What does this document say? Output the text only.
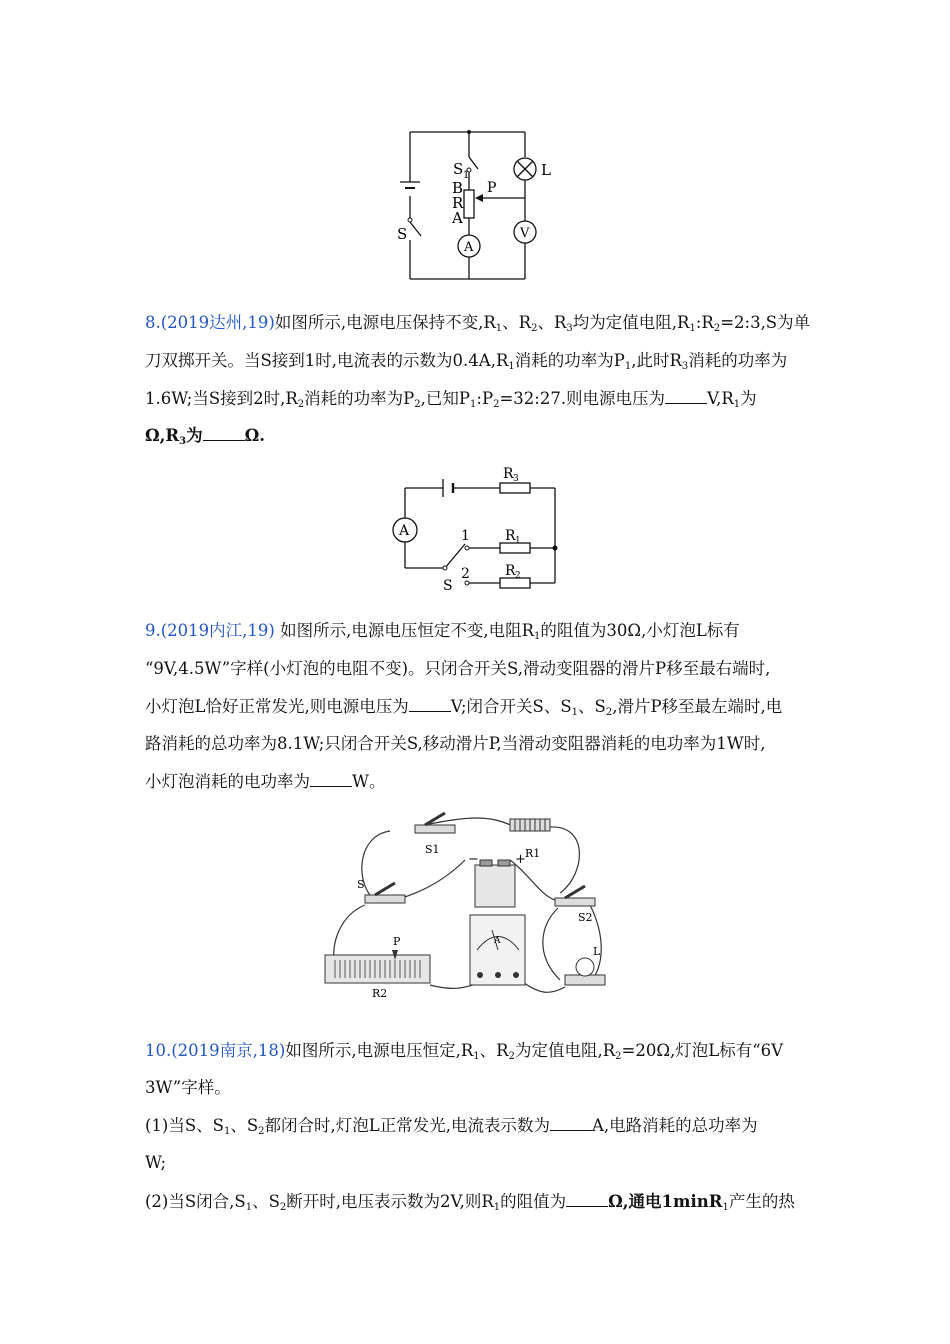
S 1
B
R
A
P
S
L
A
V
8.(2019达州,19)如图所示,电源电压保持不变$,R_1$、$R_2$、$R_3$均为定值电阻$,R_1:R_2=2:3,S$为单
刀双掷开关。当S接到1时,电流表的示数为$0.4A,R_1$消耗的功率为$P_1$,此时$R_3$消耗的功率为
1.6W;当S接到2时$,R_2$消耗的功率为$P_2$,已知$P_1:P_2=32:27$.则电源电压为	$V,R_1$为
$\Omega,R_3$为	Ω.
R 3
R 1
R 2
A	1
2
S
9.(2019内江,19) 如图所示,电源电压恒定不变,电阻$R_1$的阻值为30Ω,小灯泡L标有
“9V,4.5W”字样(小灯泡的电阻不变)。只闭合开关S,滑动变阻器的滑片P移至最右端时,
小灯泡L恰好正常发光,则电源电压为	V;闭合开关S、$S_1$、$S_2$,滑片P移至最左端时,电
路消耗的总功率为8.1W;只闭合开关S,移动滑片P,当滑动变阻器消耗的电功率为1W时,
小灯泡消耗的电功率为	W。
S1	R1
S
S2
P
R2
L
−	+
A
10.(2019南京,18)如图所示,电源电压恒定$,R_1$、$R_2$为定值电阻$,R_2=20\Omega$,灯泡L标有“6V
3W”字样。
(1)当S、$S_1$、$S_2$都闭合时,灯泡L正常发光,电流表示数为	A,电路消耗的总功率为
W;
(2)当S闭合$,S_1$、$S_2$断开时,电压表示数为2V,则$R_1$的阻值为	Ω,通电1minR$_1$产生的热
